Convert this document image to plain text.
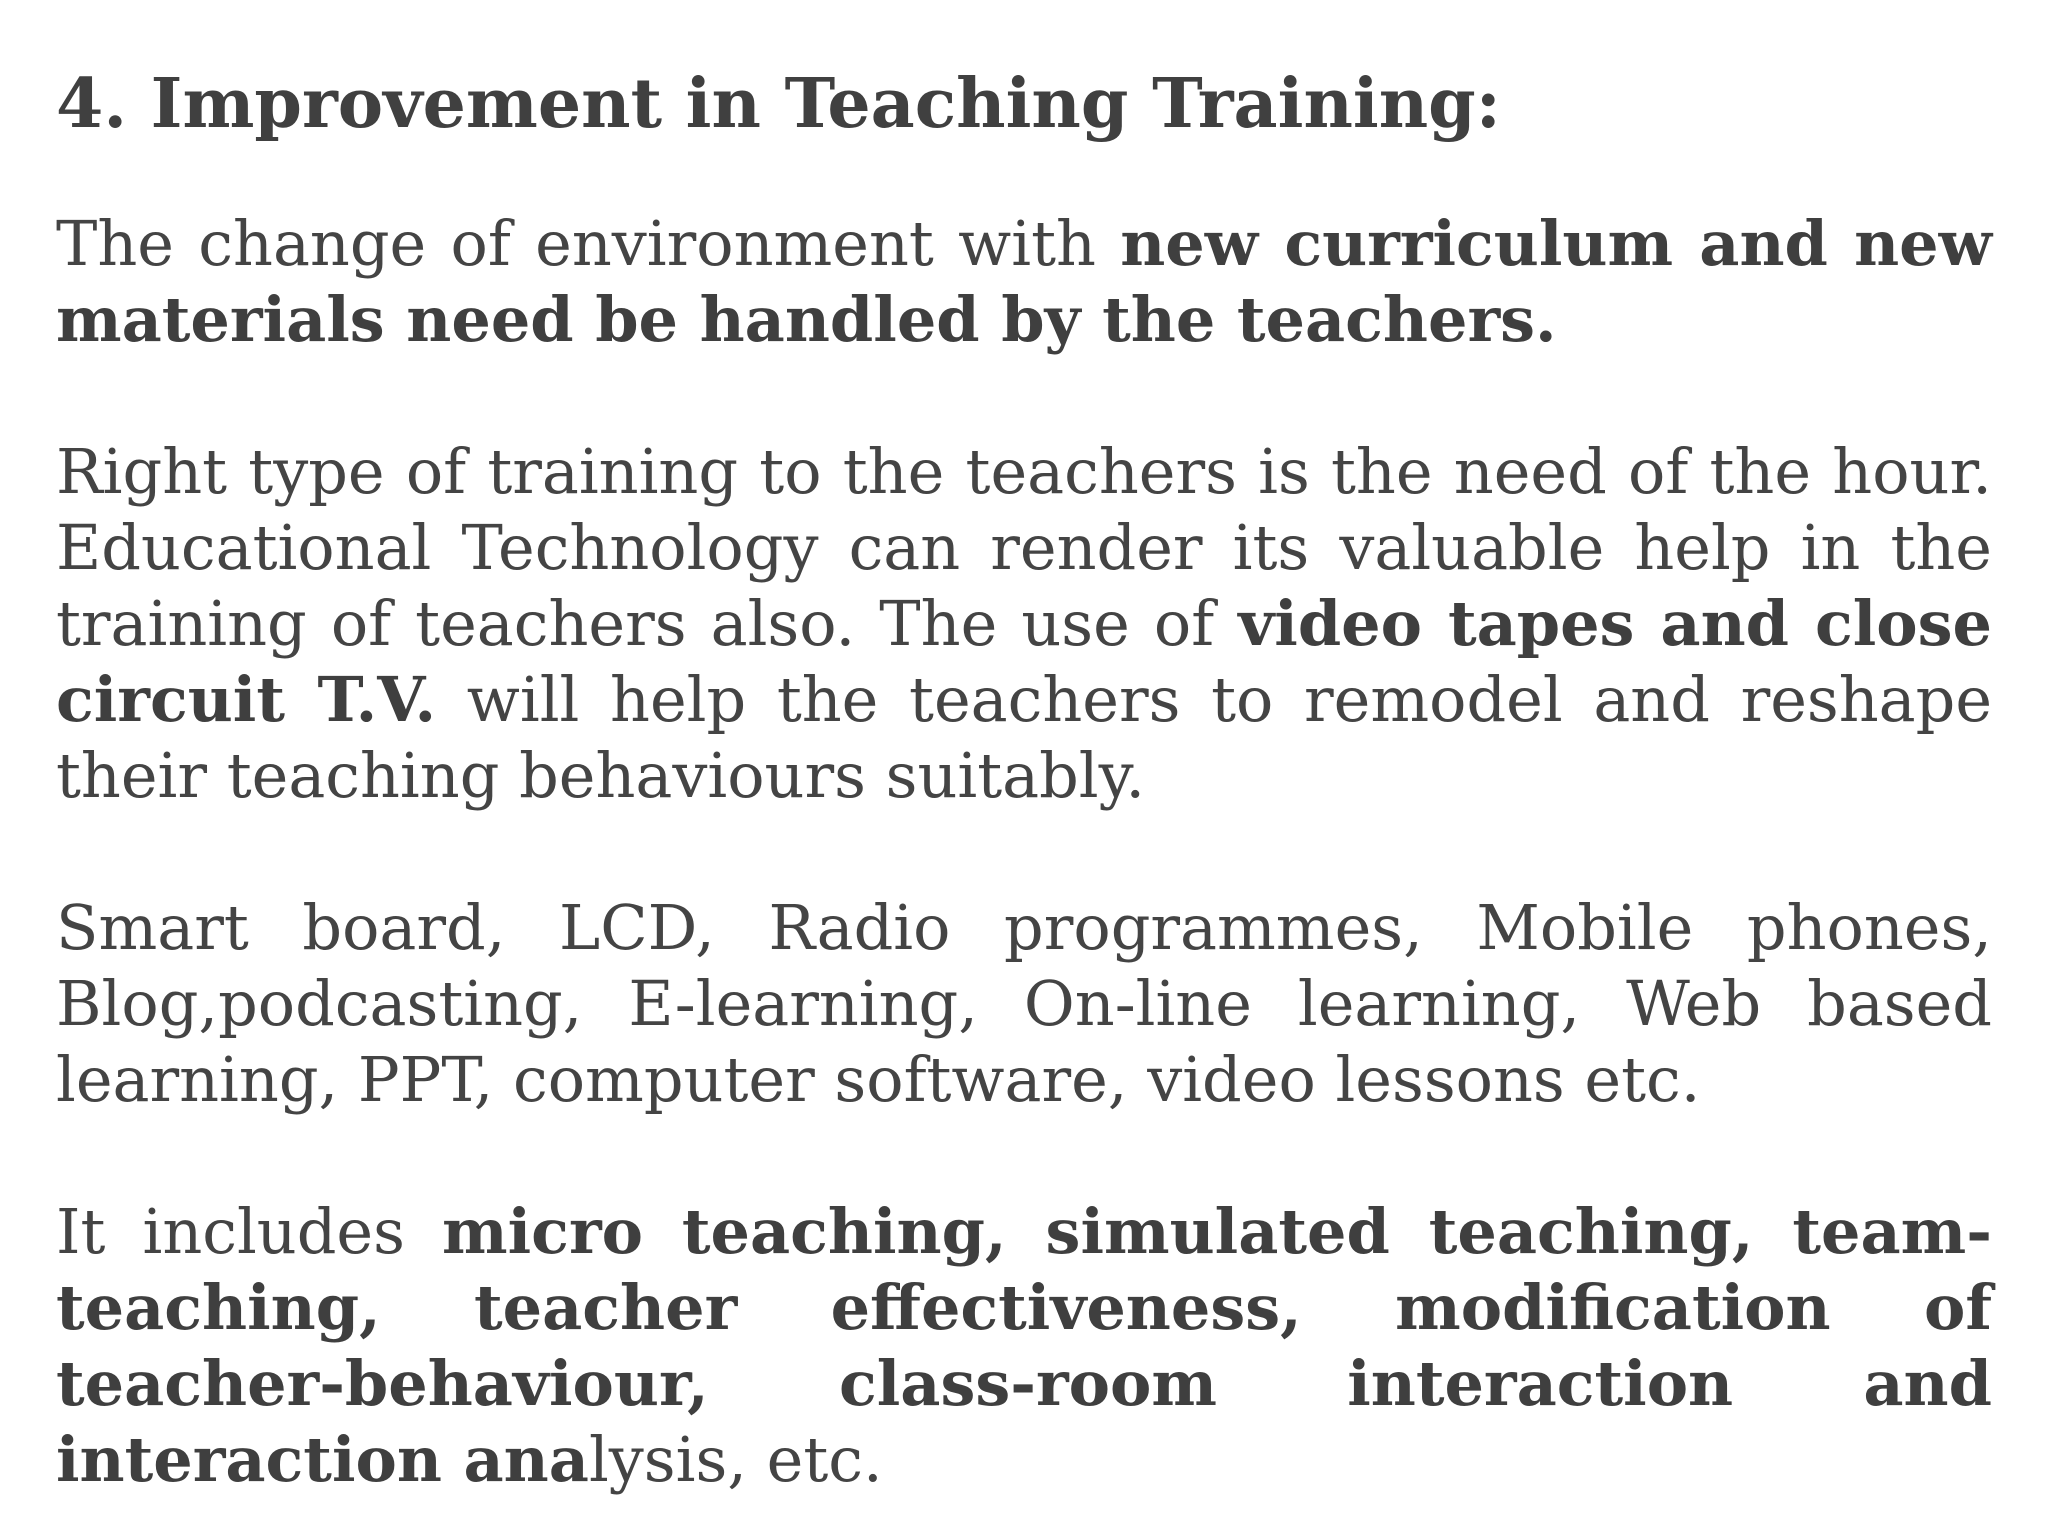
4. Improvement in Teaching Training:

The change of environment with new curriculum and new materials need be handled by the teachers.

Right type of training to the teachers is the need of the hour. Educational Technology can render its valuable help in the training of teachers also. The use of video tapes and close circuit T.V. will help the teachers to remodel and reshape their teaching behaviours suitably.

Smart board, LCD, Radio programmes, Mobile phones, Blog,podcasting, E-learning, On-line learning, Web based learning, PPT, computer software, video lessons etc.

It includes micro teaching, simulated teaching, team-teaching, teacher effectiveness, modification of teacher-behaviour, class-room interaction and interaction analysis, etc.
